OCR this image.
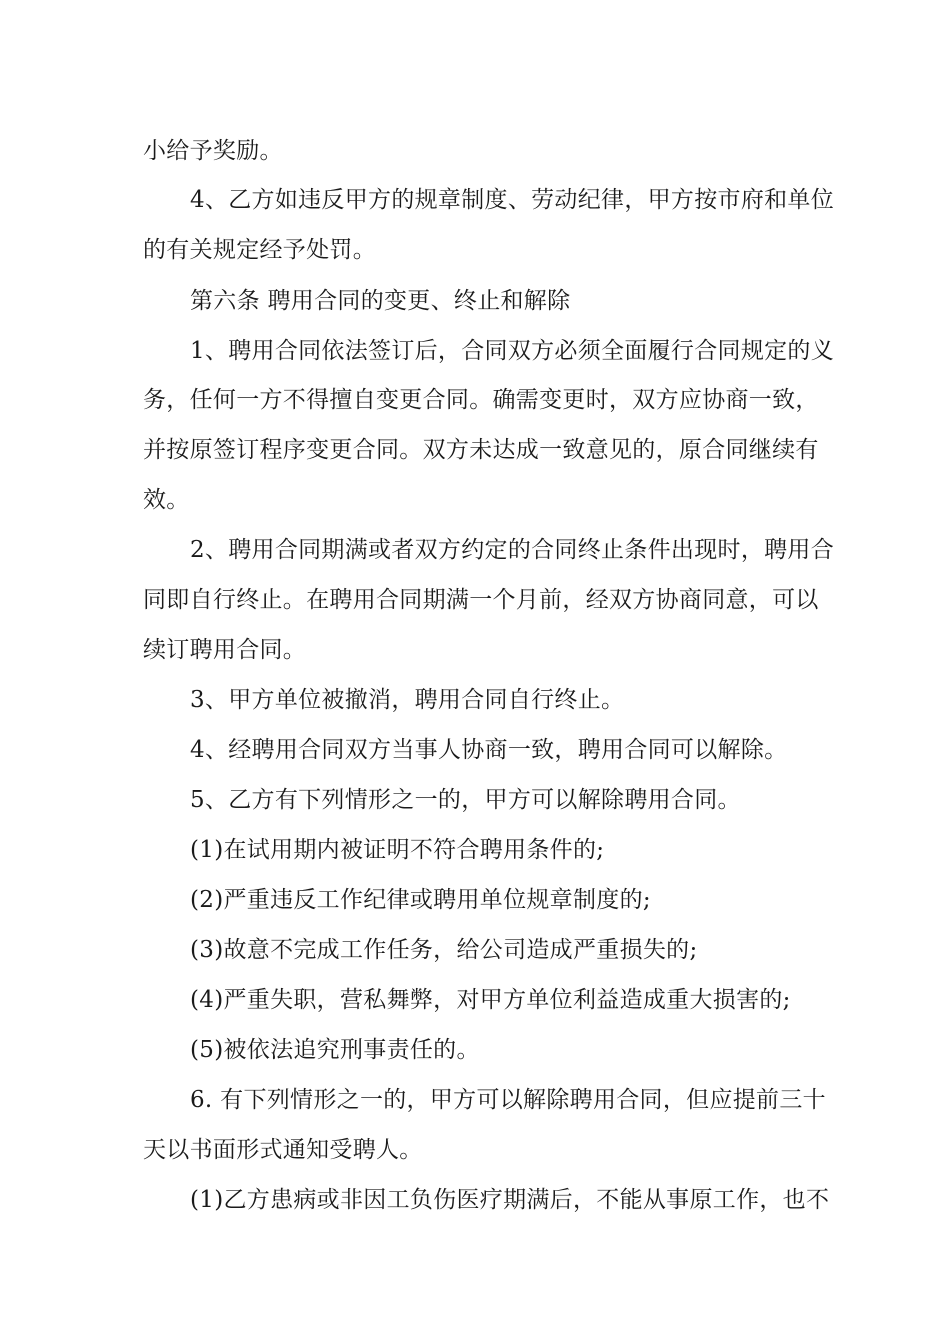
小给予奖励。
4、乙方如违反甲方的规章制度、劳动纪律，甲方按市府和单位
的有关规定经予处罚。
第六条 聘用合同的变更、终止和解除
1、聘用合同依法签订后，合同双方必须全面履行合同规定的义
务，任何一方不得擅自变更合同。确需变更时，双方应协商一致，
并按原签订程序变更合同。双方未达成一致意见的，原合同继续有
效。
2、聘用合同期满或者双方约定的合同终止条件出现时，聘用合
同即自行终止。在聘用合同期满一个月前，经双方协商同意，可以
续订聘用合同。
3、甲方单位被撤消，聘用合同自行终止。
4、经聘用合同双方当事人协商一致，聘用合同可以解除。
5、乙方有下列情形之一的，甲方可以解除聘用合同。
(1)在试用期内被证明不符合聘用条件的;
(2)严重违反工作纪律或聘用单位规章制度的;
(3)故意不完成工作任务，给公司造成严重损失的;
(4)严重失职，营私舞弊，对甲方单位利益造成重大损害的;
(5)被依法追究刑事责任的。
6. 有下列情形之一的，甲方可以解除聘用合同，但应提前三十
天以书面形式通知受聘人。
(1)乙方患病或非因工负伤医疗期满后，不能从事原工作，也不
